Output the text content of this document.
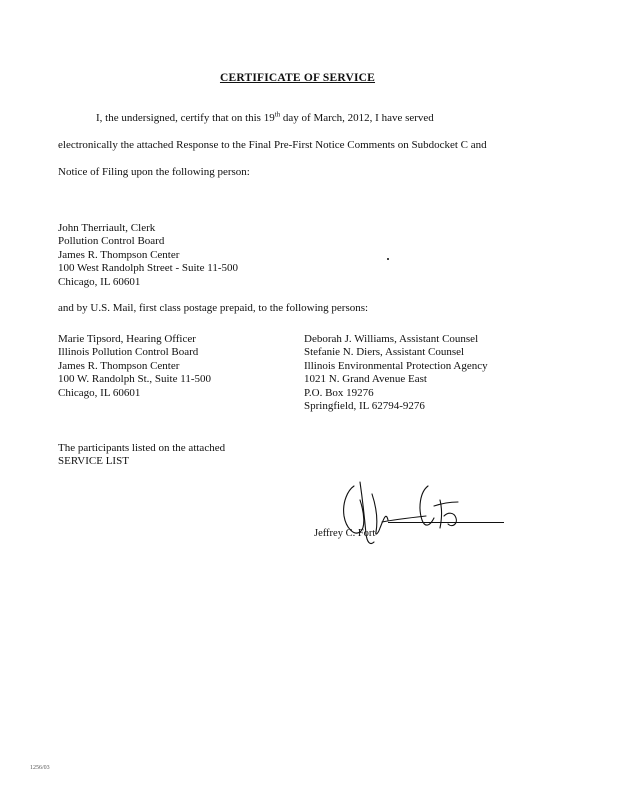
CERTIFICATE OF SERVICE
I, the undersigned, certify that on this 19th day of March, 2012, I have served
electronically the attached Response to the Final Pre-First Notice Comments on Subdocket C and
Notice of Filing upon the following person:
John Therriault, Clerk
Pollution Control Board
James R. Thompson Center
100 West Randolph Street - Suite 11-500
Chicago, IL 60601
and by U.S. Mail, first class postage prepaid, to the following persons:
Marie Tipsord, Hearing Officer
Illinois Pollution Control Board
James R. Thompson Center
100 W. Randolph St., Suite 11-500
Chicago, IL 60601
Deborah J. Williams, Assistant Counsel
Stefanie N. Diers, Assistant Counsel
Illinois Environmental Protection Agency
1021 N. Grand Avenue East
P.O. Box 19276
Springfield, IL 62794-9276
The participants listed on the attached
SERVICE LIST
Jeffrey C. Fort
1256/03
